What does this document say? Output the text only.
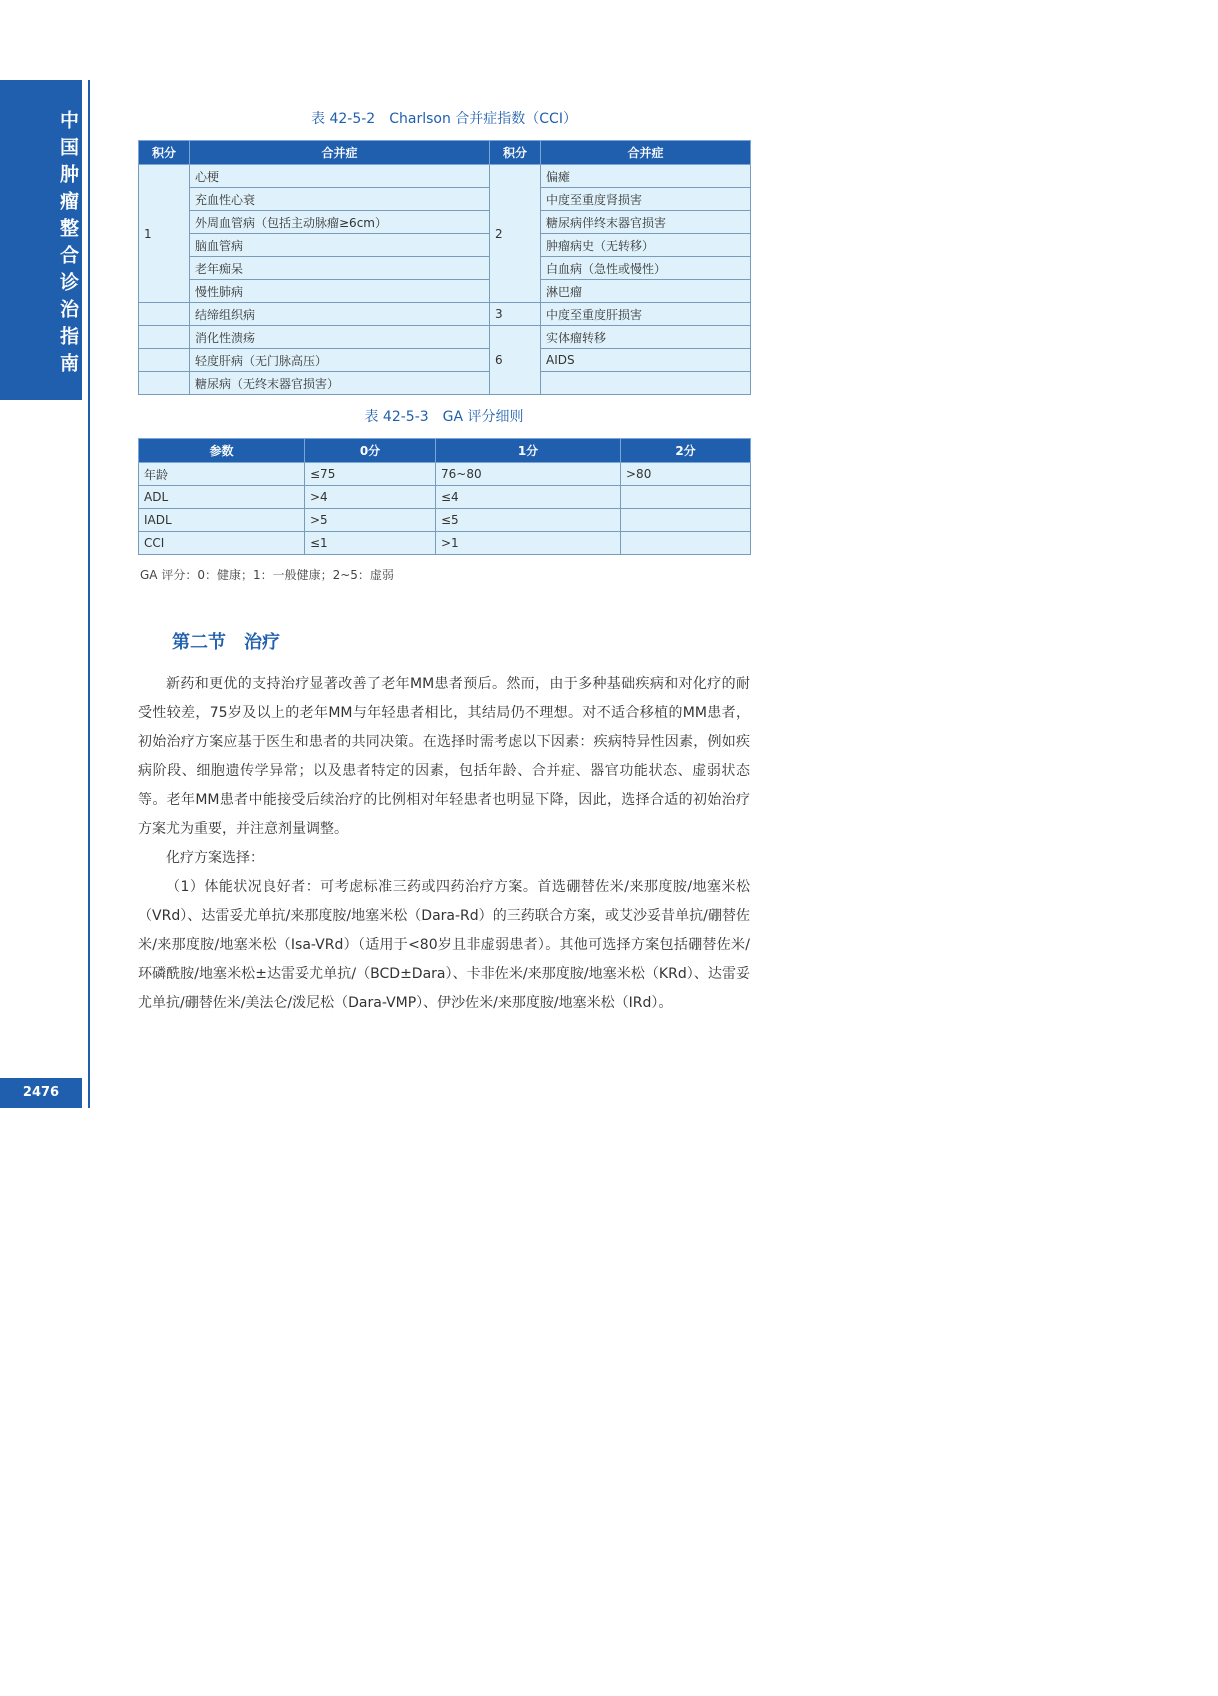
中国肿瘤整合诊治指南
2476
表 42-5-2　Charlson 合并症指数（CCI）
积分	合并症	积分	合并症
1	心梗	2	偏瘫
	充血性心衰		中度至重度肾损害
	外周血管病（包括主动脉瘤≥6cm）		糖尿病伴终末器官损害
	脑血管病		肿瘤病史（无转移）
	老年痴呆		白血病（急性或慢性）
	慢性肺病		淋巴瘤
	结缔组织病	3	中度至重度肝损害
	消化性溃疡	6	实体瘤转移
	轻度肝病（无门脉高压）		AIDS
	糖尿病（无终末器官损害）		
表 42-5-3　GA 评分细则
参数	0分	1分	2分
年龄	≤75	76~80	>80
ADL	>4	≤4	
IADL	>5	≤5	
CCI	≤1	>1	
GA 评分：0：健康；1：一般健康；2~5：虚弱
第二节　治疗

新药和更优的支持治疗显著改善了老年MM患者预后。然而，由于多种基础疾病和对化疗的耐受性较差，75岁及以上的老年MM与年轻患者相比，其结局仍不理想。对不适合移植的MM患者，初始治疗方案应基于医生和患者的共同决策。在选择时需考虑以下因素：疾病特异性因素，例如疾病阶段、细胞遗传学异常；以及患者特定的因素，包括年龄、合并症、器官功能状态、虚弱状态等。老年MM患者中能接受后续治疗的比例相对年轻患者也明显下降，因此，选择合适的初始治疗方案尤为重要，并注意剂量调整。

化疗方案选择：

（1）体能状况良好者：可考虑标准三药或四药治疗方案。首选硼替佐米/来那度胺/地塞米松（VRd）、达雷妥尤单抗/来那度胺/地塞米松（Dara-Rd）的三药联合方案，或艾沙妥昔单抗/硼替佐米/来那度胺/地塞米松（Isa-VRd）（适用于<80岁且非虚弱患者）。其他可选择方案包括硼替佐米/环磷酰胺/地塞米松±达雷妥尤单抗/（BCD±Dara）、卡非佐米/来那度胺/地塞米松（KRd）、达雷妥尤单抗/硼替佐米/美法仑/泼尼松（Dara-VMP）、伊沙佐米/来那度胺/地塞米松（IRd）。
